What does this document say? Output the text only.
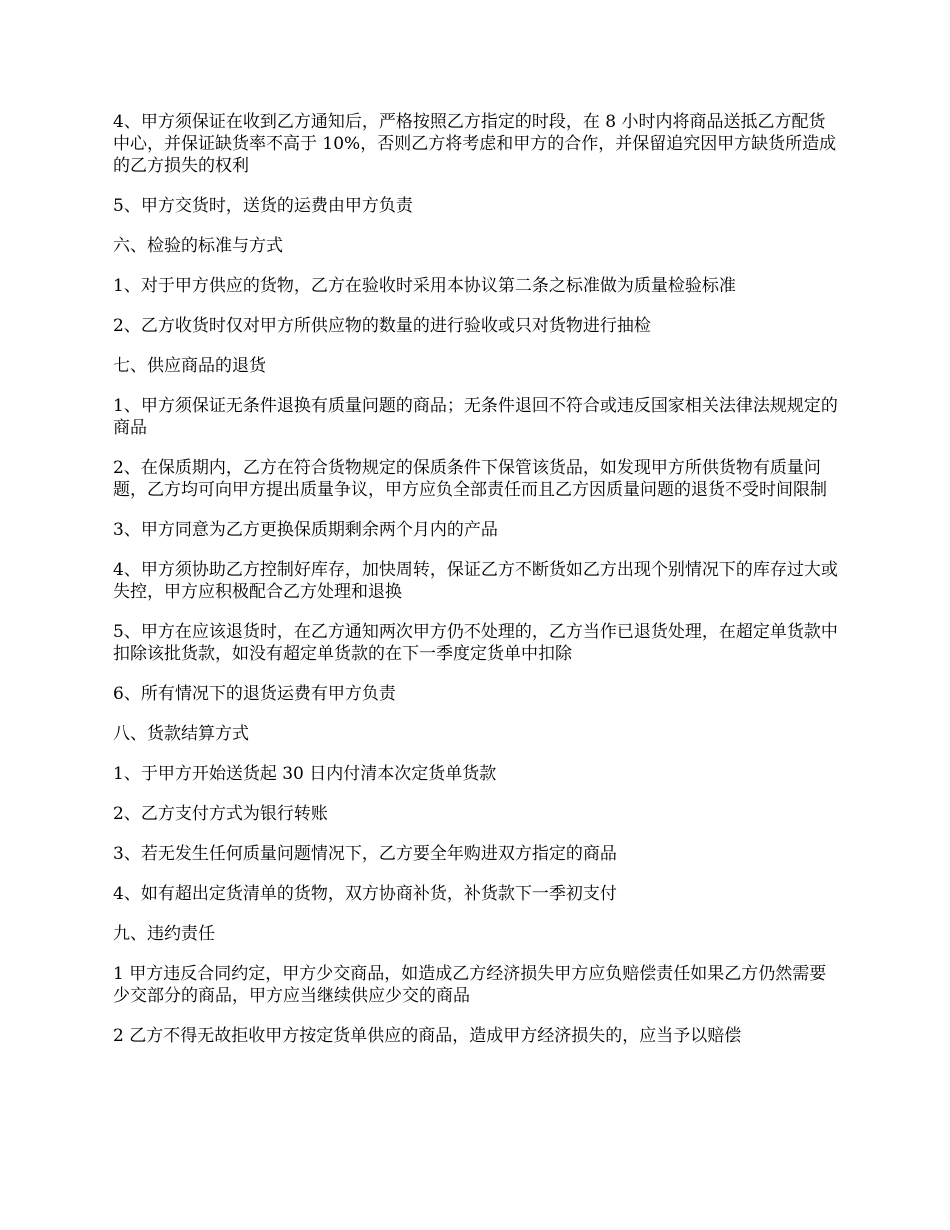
4、甲方须保证在收到乙方通知后，严格按照乙方指定的时段，在 8 小时内将商品送抵乙方配货中心，并保证缺货率不高于 10%，否则乙方将考虑和甲方的合作，并保留追究因甲方缺货所造成的乙方损失的权利

5、甲方交货时，送货的运费由甲方负责

六、检验的标准与方式

1、对于甲方供应的货物，乙方在验收时采用本协议第二条之标准做为质量检验标准

2、乙方收货时仅对甲方所供应物的数量的进行验收或只对货物进行抽检

七、供应商品的退货

1、甲方须保证无条件退换有质量问题的商品；无条件退回不符合或违反国家相关法律法规规定的商品

2、在保质期内，乙方在符合货物规定的保质条件下保管该货品，如发现甲方所供货物有质量问题，乙方均可向甲方提出质量争议，甲方应负全部责任而且乙方因质量问题的退货不受时间限制

3、甲方同意为乙方更换保质期剩余两个月内的产品

4、甲方须协助乙方控制好库存，加快周转，保证乙方不断货如乙方出现个别情况下的库存过大或失控，甲方应积极配合乙方处理和退换

5、甲方在应该退货时，在乙方通知两次甲方仍不处理的，乙方当作已退货处理，在超定单货款中 扣除该批货款，如没有超定单货款的在下一季度定货单中扣除

6、所有情况下的退货运费有甲方负责

八、货款结算方式

1、于甲方开始送货起 30 日内付清本次定货单货款

2、乙方支付方式为银行转账

3、若无发生任何质量问题情况下，乙方要全年购进双方指定的商品

4、如有超出定货清单的货物，双方协商补货，补货款下一季初支付

九、违约责任

1 甲方违反合同约定，甲方少交商品，如造成乙方经济损失甲方应负赔偿责任如果乙方仍然需要少交部分的商品，甲方应当继续供应少交的商品

2 乙方不得无故拒收甲方按定货单供应的商品，造成甲方经济损失的，应当予以赔偿
